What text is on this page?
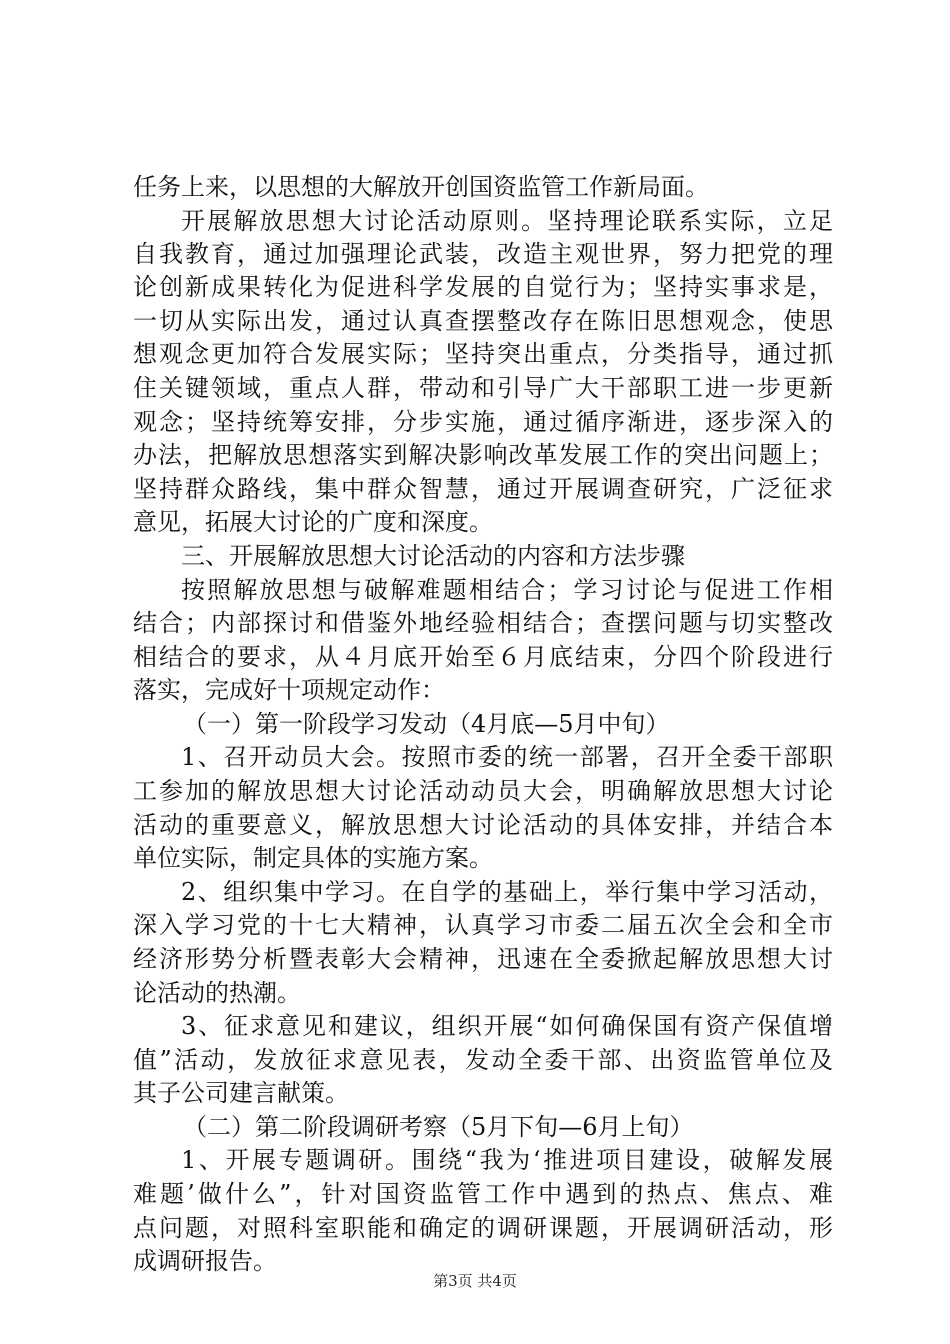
任务上来，以思想的大解放开创国资监管工作新局面。
开展解放思想大讨论活动原则。坚持理论联系实际，立足
自我教育，通过加强理论武装，改造主观世界，努力把党的理
论创新成果转化为促进科学发展的自觉行为；坚持实事求是，
一切从实际出发，通过认真查摆整改存在陈旧思想观念，使思
想观念更加符合发展实际；坚持突出重点，分类指导，通过抓
住关键领域，重点人群，带动和引导广大干部职工进一步更新
观念；坚持统筹安排，分步实施，通过循序渐进，逐步深入的
办法，把解放思想落实到解决影响改革发展工作的突出问题上；
坚持群众路线，集中群众智慧，通过开展调查研究，广泛征求
意见，拓展大讨论的广度和深度。
三、开展解放思想大讨论活动的内容和方法步骤
按照解放思想与破解难题相结合；学习讨论与促进工作相
结合；内部探讨和借鉴外地经验相结合；查摆问题与切实整改
相结合的要求，从４月底开始至６月底结束，分四个阶段进行
落实，完成好十项规定动作：
（一）第一阶段学习发动（4月底—5月中旬）
1、召开动员大会。按照市委的统一部署，召开全委干部职
工参加的解放思想大讨论活动动员大会，明确解放思想大讨论
活动的重要意义，解放思想大讨论活动的具体安排，并结合本
单位实际，制定具体的实施方案。
2、组织集中学习。在自学的基础上，举行集中学习活动，
深入学习党的十七大精神，认真学习市委二届五次全会和全市
经济形势分析暨表彰大会精神，迅速在全委掀起解放思想大讨
论活动的热潮。
3、征求意见和建议，组织开展“如何确保国有资产保值增
值”活动，发放征求意见表，发动全委干部、出资监管单位及
其子公司建言献策。
（二）第二阶段调研考察（5月下旬—6月上旬）
1、开展专题调研。围绕“我为‘推进项目建设，破解发展
难题’做什么”，针对国资监管工作中遇到的热点、焦点、难
点问题，对照科室职能和确定的调研课题，开展调研活动，形
成调研报告。
第3页 共4页
